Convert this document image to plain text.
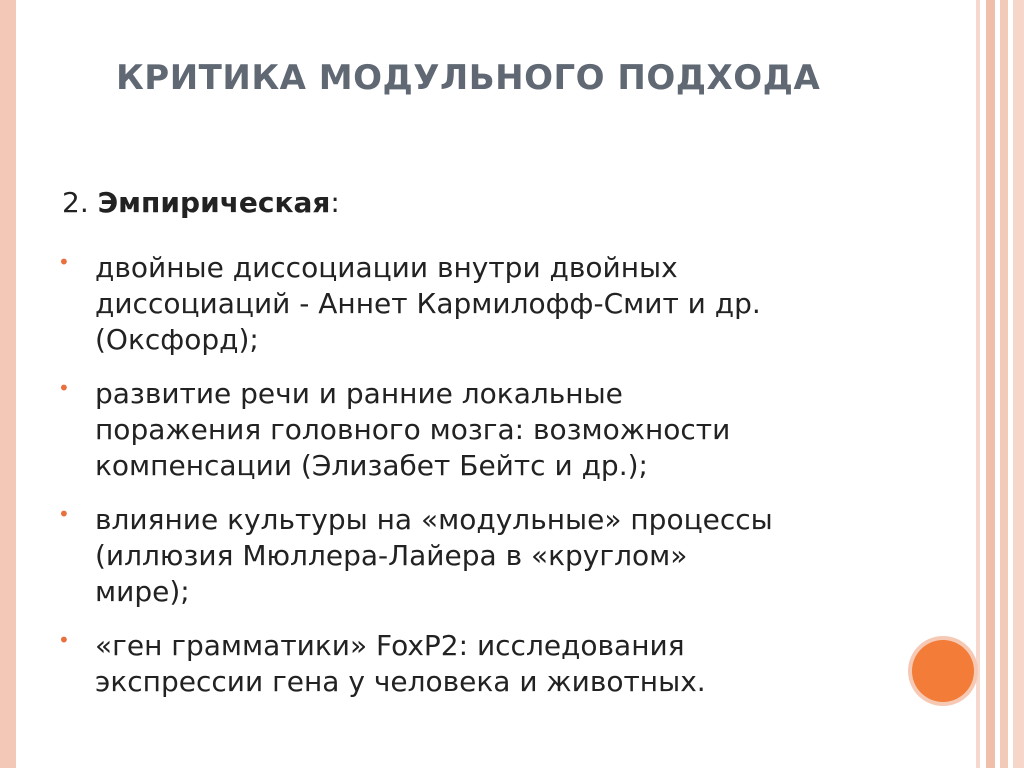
КРИТИКА МОДУЛЬНОГО ПОДХОДА
2. Эмпирическая:
• двойные диссоциации внутри двойных
диссоциаций - Аннет Кармилофф-Смит и др.
(Оксфорд);
• развитие речи и ранние локальные
поражения головного мозга: возможности
компенсации (Элизабет Бейтс и др.);
• влияние культуры на «модульные» процессы
(иллюзия Мюллера-Лайера в «круглом»
мире);
• «ген грамматики» FoxP2: исследования
экспрессии гена у человека и животных.
